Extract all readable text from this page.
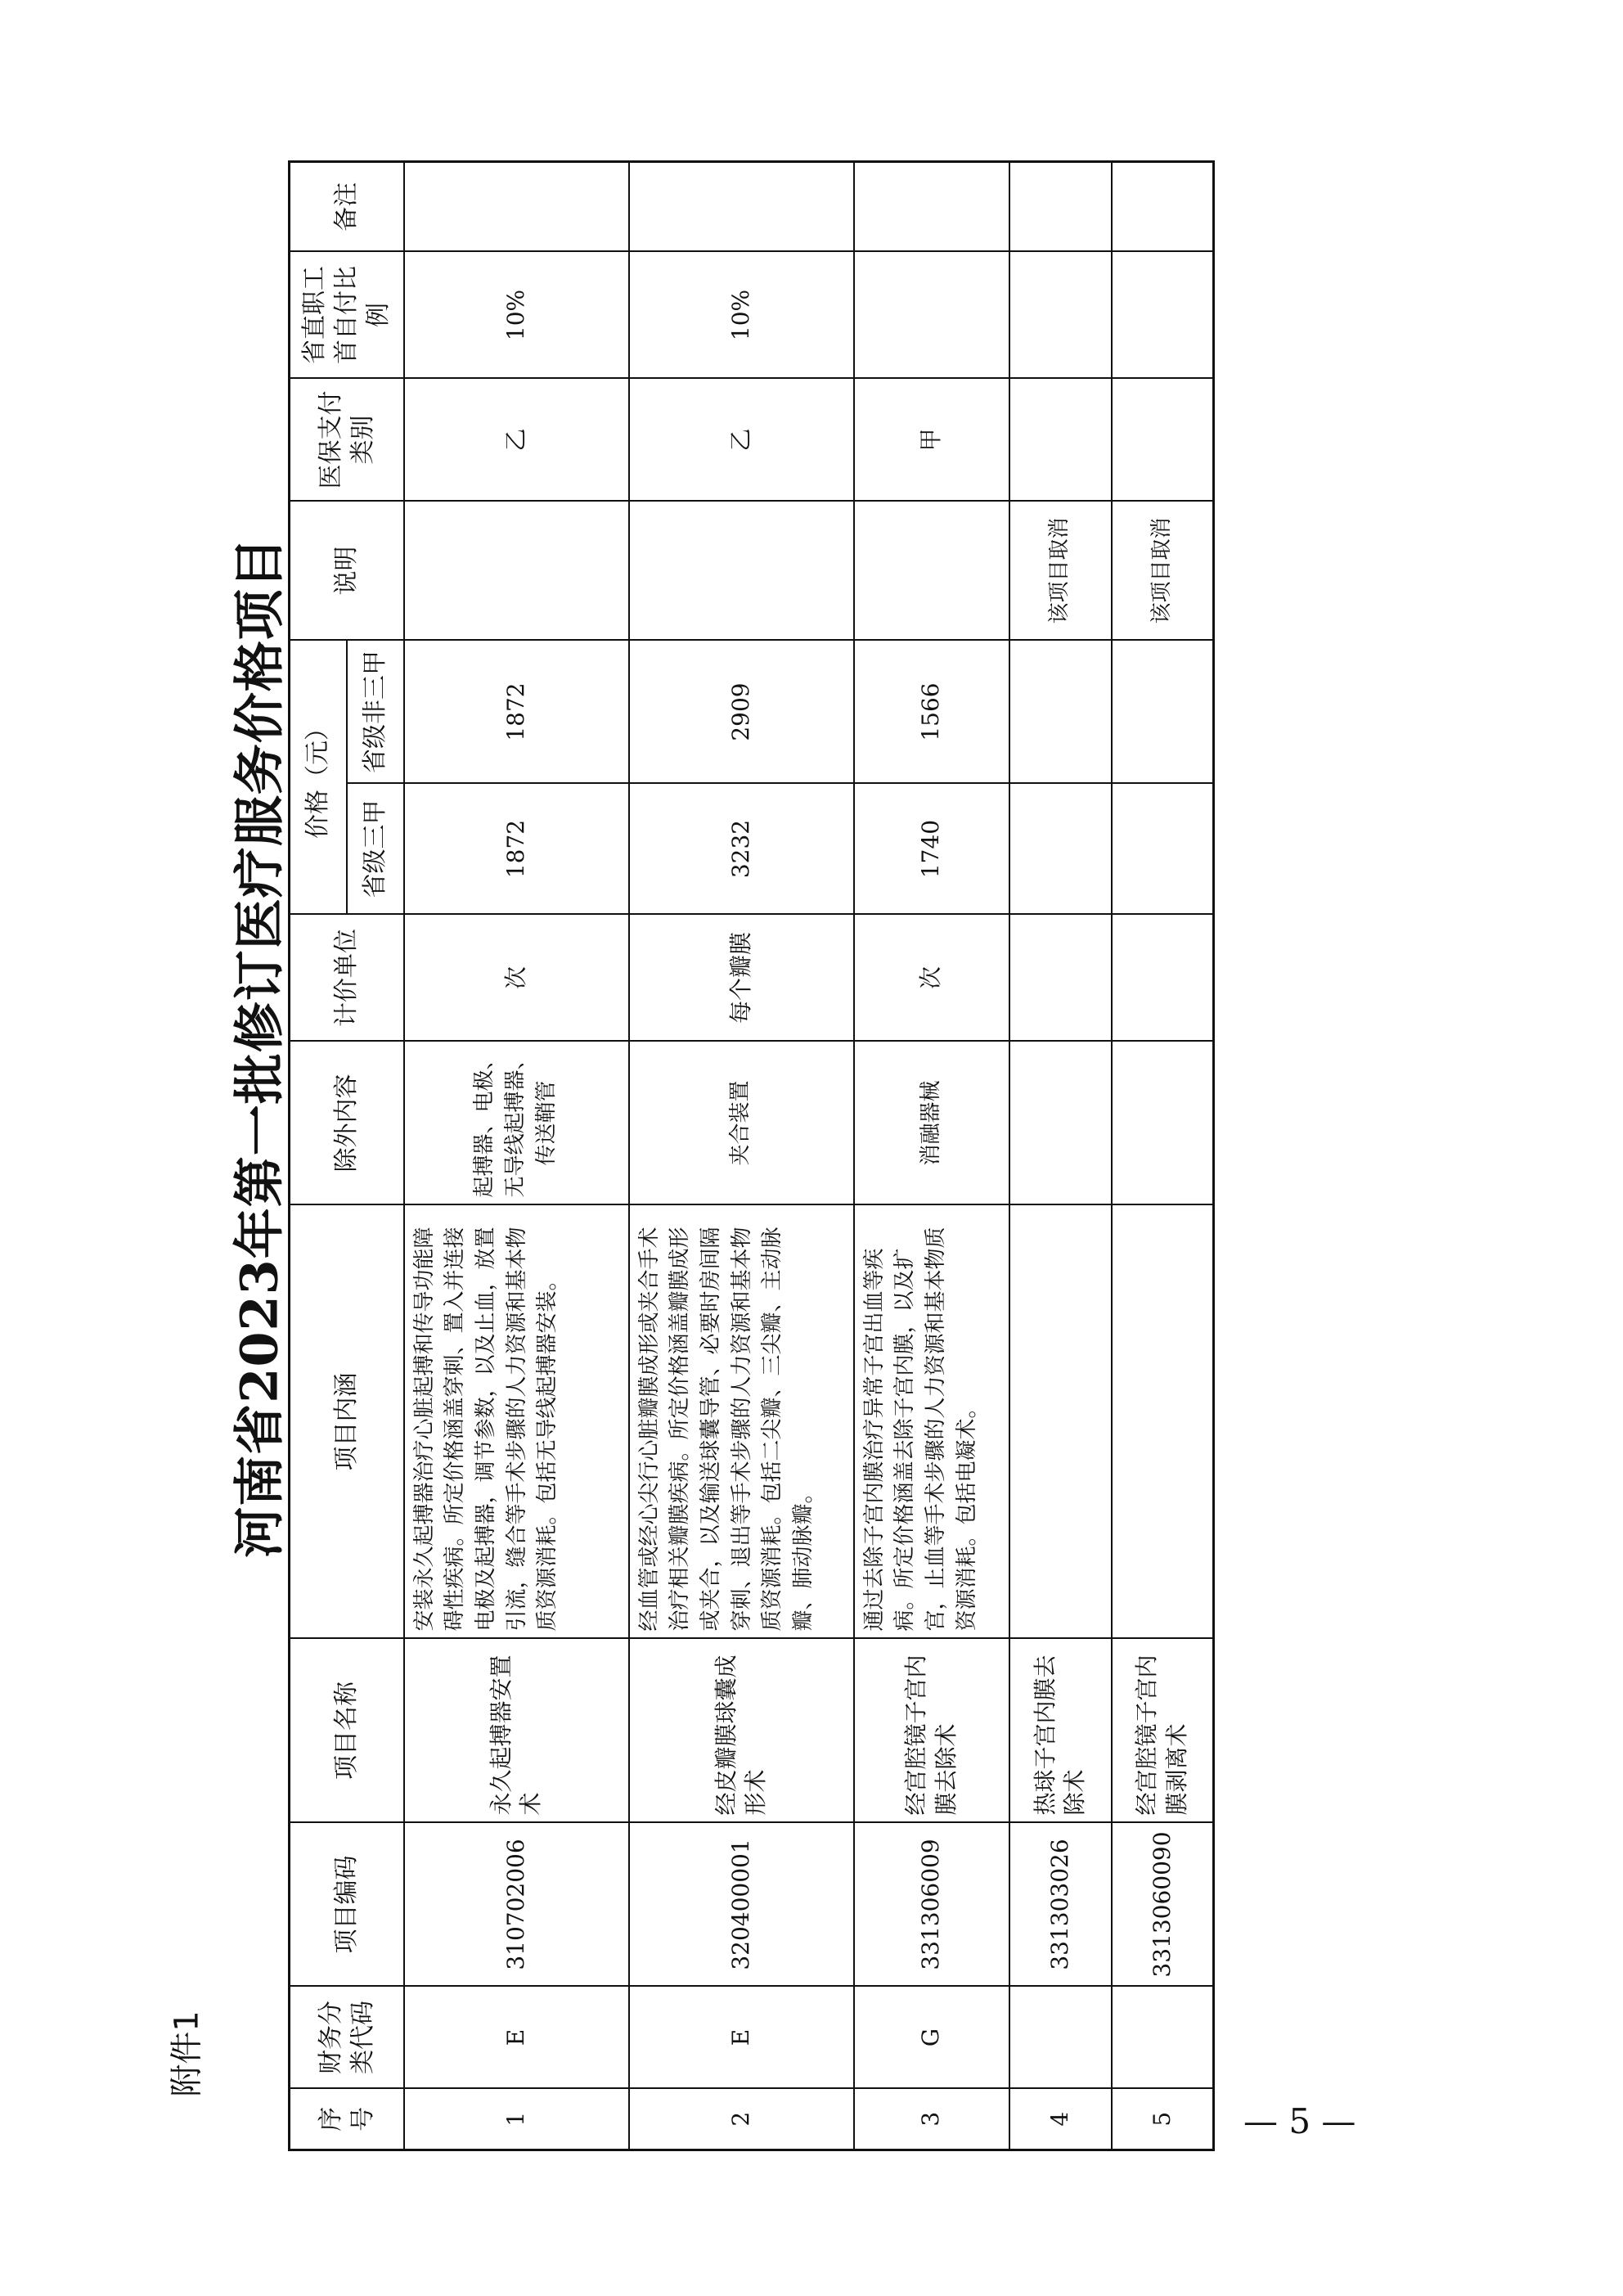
附件1
河南省2023年第一批修订医疗服务价格项目
序号	财务分类代码	项目编码	项目名称	项目内涵	除外内容	计价单位	价格（元）		说明	医保支付类别	省直职工首自付比例	备注
							省级三甲	省级非三甲				
1	E	310702006	永久起搏器安置术	安装永久起搏器治疗心脏起搏和传导功能障碍性疾病。所定价格涵盖穿刺、置入并连接电极及起搏器，调节参数，以及止血，放置引流，缝合等手术步骤的人力资源和基本物质资源消耗。包括无导线起搏器安装。	起搏器、电极、无导线起搏器、传送鞘管	次	1872	1872		乙	10%	
2	E	320400001	经皮瓣膜球囊成形术	经血管或经心尖行心脏瓣膜成形或夹合手术治疗相关瓣膜疾病。所定价格涵盖瓣膜成形或夹合，以及输送球囊导管、必要时房间隔穿刺、退出等手术步骤的人力资源和基本物质资源消耗。包括二尖瓣、三尖瓣、主动脉瓣、肺动脉瓣。	夹合装置	每个瓣膜	3232	2909		乙	10%	
3	G	331306009	经宫腔镜子宫内膜去除术	通过去除子宫内膜治疗异常子宫出血等疾病。所定价格涵盖去除子宫内膜，以及扩宫，止血等手术步骤的人力资源和基本物质资源消耗。包括电凝术。	消融器械	次	1740	1566		甲		
4		331303026	热球子宫内膜去除术						该项目取消			
5		3313060090	经宫腔镜子宫内膜剥离术						该项目取消			
— 5 —
